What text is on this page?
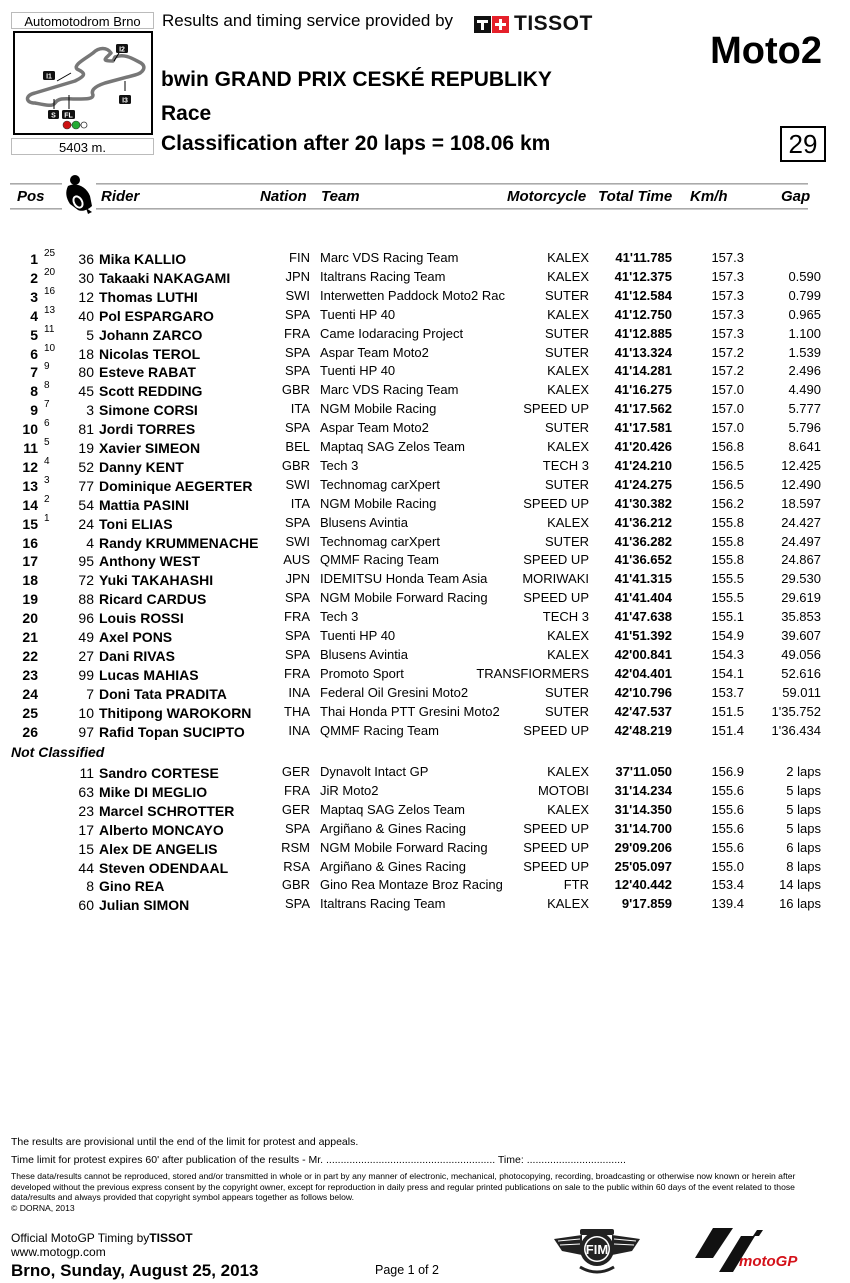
Automotodrom Brno
I1
I2
I3
S FL
5403 m.
Results and timing service provided by	TISSOT
Moto2
bwin GRAND PRIX CESKÉ REPUBLIKY
Race
Classification after 20 laps = 108.06 km	29
Pos	Rider	Nation Team	Motorcycle Total Time Km/h	Gap
1 25 36 Mika KALLIO	FIN Marc VDS Racing Team	KALEX 41'11.785	157.3
2 20 30 Takaaki NAKAGAMI	JPN Italtrans Racing Team	KALEX 41'12.375	157.3	0.590
3 16 12 Thomas LUTHI	SWI Interwetten Paddock Moto2 Rac	SUTER 41'12.584	157.3	0.799
4 13 40 Pol ESPARGARO	SPA Tuenti HP 40	KALEX 41'12.750	157.3	0.965
5 11 5 Johann ZARCO	FRA Came Iodaracing Project	SUTER 41'12.885	157.3	1.100
6 10 18 Nicolas TEROL	SPA Aspar Team Moto2	SUTER 41'13.324	157.2	1.539
7 9 80 Esteve RABAT	SPA Tuenti HP 40	KALEX 41'14.281	157.2	2.496
8 8 45 Scott REDDING	GBR Marc VDS Racing Team	KALEX 41'16.275	157.0	4.490
9 7	3 Simone CORSI	ITA NGM Mobile Racing	SPEED UP 41'17.562	157.0	5.777
10 6 81 Jordi TORRES	SPA Aspar Team Moto2	SUTER 41'17.581	157.0	5.796
11 5 19 Xavier SIMEON	BEL Maptaq SAG Zelos Team	KALEX 41'20.426	156.8	8.641
12 4 52 Danny KENT	GBR Tech 3	TECH 3 41'24.210	156.5	12.425
13 3 77 Dominique AEGERTER	SWI Technomag carXpert	SUTER 41'24.275	156.5	12.490
14 2 54 Mattia PASINI	ITA NGM Mobile Racing	SPEED UP 41'30.382	156.2	18.597
15 1 24 Toni ELIAS	SPA Blusens Avintia	KALEX 41'36.212	155.8	24.427
16	4 Randy KRUMMENACHE SWI Technomag carXpert	SUTER 41'36.282	155.8	24.497
17	95 Anthony WEST	AUS QMMF Racing Team	SPEED UP 41'36.652	155.8	24.867
18	72 Yuki TAKAHASHI	JPN IDEMITSU Honda Team Asia	MORIWAKI 41'41.315	155.5	29.530
19	88 Ricard CARDUS	SPA NGM Mobile Forward Racing	SPEED UP 41'41.404	155.5	29.619
20	96 Louis ROSSI	FRA Tech 3	TECH 3 41'47.638	155.1	35.853
21	49 Axel PONS	SPA Tuenti HP 40	KALEX 41'51.392	154.9	39.607
22	27 Dani RIVAS	SPA Blusens Avintia	KALEX 42'00.841	154.3	49.056
23	99 Lucas MAHIAS	FRA Promoto Sport	TRANSFIORMERS 42'04.401	154.1	52.616
24	7 Doni Tata PRADITA	INA Federal Oil Gresini Moto2	SUTER 42'10.796	153.7	59.011
25	10 Thitipong WAROKORN	THA Thai Honda PTT Gresini Moto2	SUTER 42'47.537	151.5 1'35.752
26	97 Rafid Topan SUCIPTO	INA QMMF Racing Team	SPEED UP 42'48.219	151.4 1'36.434
Not Classified
11 Sandro CORTESE	GER Dynavolt Intact GP	KALEX 37'11.050	156.9	2 laps
63 Mike DI MEGLIO	FRA JiR Moto2	MOTOBI 31'14.234	155.6	5 laps
23 Marcel SCHROTTER	GER Maptaq SAG Zelos Team	KALEX 31'14.350	155.6	5 laps
17 Alberto MONCAYO	SPA Argiñano & Gines Racing	SPEED UP 31'14.700	155.6	5 laps
15 Alex DE ANGELIS	RSM NGM Mobile Forward Racing	SPEED UP 29'09.206	155.6	6 laps
44 Steven ODENDAAL	RSA Argiñano & Gines Racing	SPEED UP 25'05.097	155.0	8 laps
8 Gino REA	GBR Gino Rea Montaze Broz Racing	FTR 12'40.442	153.4	14 laps
60 Julian SIMON	SPA Italtrans Racing Team	KALEX	9'17.859	139.4	16 laps
The results are provisional until the end of the limit for protest and appeals.
Time limit for protest expires 60' after publication of the results - Mr. .......................................................... Time: ..................................
These data/results cannot be reproduced, stored and/or transmitted in whole or in part by any manner of electronic, mechanical, photocopying, recording, broadcasting or otherwise now known or herein after developed without the previous express consent by the copyright owner, except for reproduction in daily press and regular printed publications on sale to the public within 60 days of the event related to those data/results and always provided that copyright symbol appears together as follows below.
© DORNA, 2013
Official MotoGP Timing byTISSOT
www.motogp.com
Brno, Sunday, August 25, 2013	Page 1 of 2
FIM
motoGP
